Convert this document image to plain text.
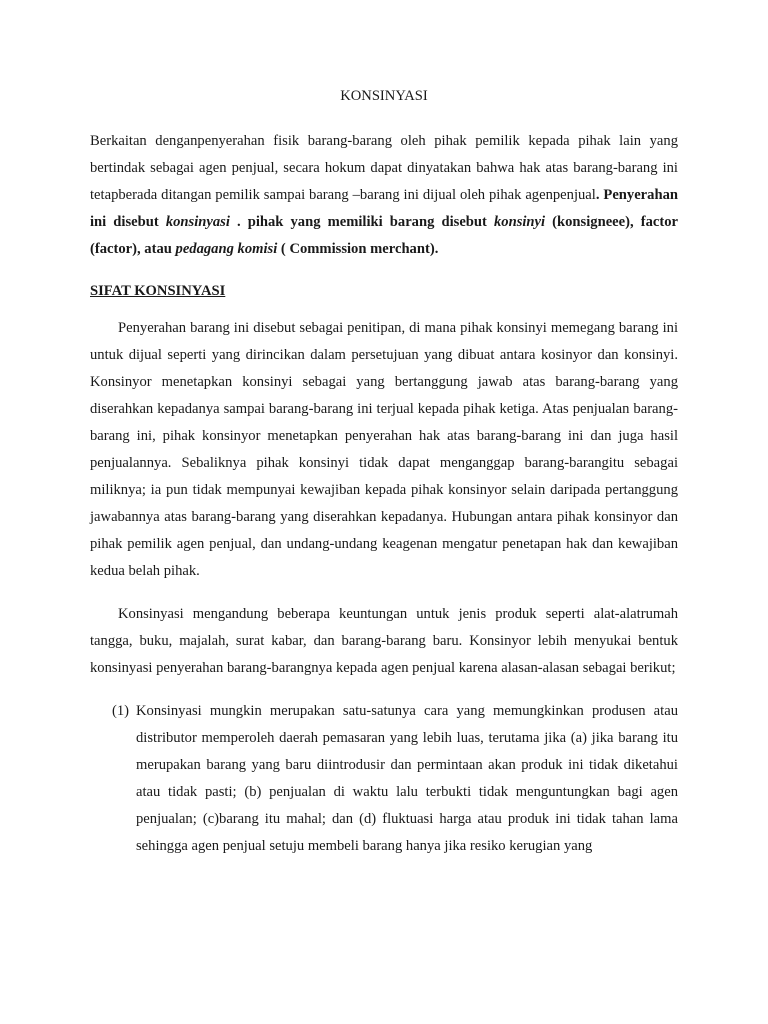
KONSINYASI

Berkaitan denganpenyerahan fisik barang-barang oleh pihak pemilik kepada pihak lain yang bertindak sebagai agen penjual, secara hokum dapat dinyatakan bahwa hak atas barang-barang ini tetapberada ditangan pemilik sampai barang –barang ini dijual oleh pihak agenpenjual. Penyerahan ini disebut konsinyasi . pihak yang memiliki barang disebut konsinyi (konsigneee), factor (factor), atau pedagang komisi ( Commission merchant).

SIFAT KONSINYASI

Penyerahan barang ini disebut sebagai penitipan, di mana pihak konsinyi memegang barang ini untuk dijual seperti yang dirincikan dalam persetujuan yang dibuat antara kosinyor dan konsinyi. Konsinyor menetapkan konsinyi sebagai yang bertanggung jawab atas barang-barang yang diserahkan kepadanya sampai barang-barang ini terjual kepada pihak ketiga. Atas penjualan barang-barang ini, pihak konsinyor menetapkan penyerahan hak atas barang-barang ini dan juga hasil penjualannya. Sebaliknya pihak konsinyi tidak dapat menganggap barang-barangitu sebagai miliknya; ia pun tidak mempunyai kewajiban kepada pihak konsinyor selain daripada pertanggung jawabannya atas barang-barang yang diserahkan kepadanya. Hubungan antara pihak konsinyor dan pihak pemilik agen penjual, dan undang-undang keagenan mengatur penetapan hak dan kewajiban kedua belah pihak.

Konsinyasi mengandung beberapa keuntungan untuk jenis produk seperti alat-alatrumah tangga, buku, majalah, surat kabar, dan barang-barang baru. Konsinyor lebih menyukai bentuk konsinyasi penyerahan barang-barangnya kepada agen penjual karena alasan-alasan sebagai berikut;

(1) Konsinyasi mungkin merupakan satu-satunya cara yang memungkinkan produsen atau distributor memperoleh daerah pemasaran yang lebih luas, terutama jika (a) jika barang itu merupakan barang yang baru diintrodusir dan permintaan akan produk ini tidak diketahui atau tidak pasti; (b) penjualan di waktu lalu terbukti tidak menguntungkan bagi agen penjualan; (c)barang itu mahal; dan (d) fluktuasi harga atau produk ini tidak tahan lama sehingga agen penjual setuju membeli barang hanya jika resiko kerugian yang
